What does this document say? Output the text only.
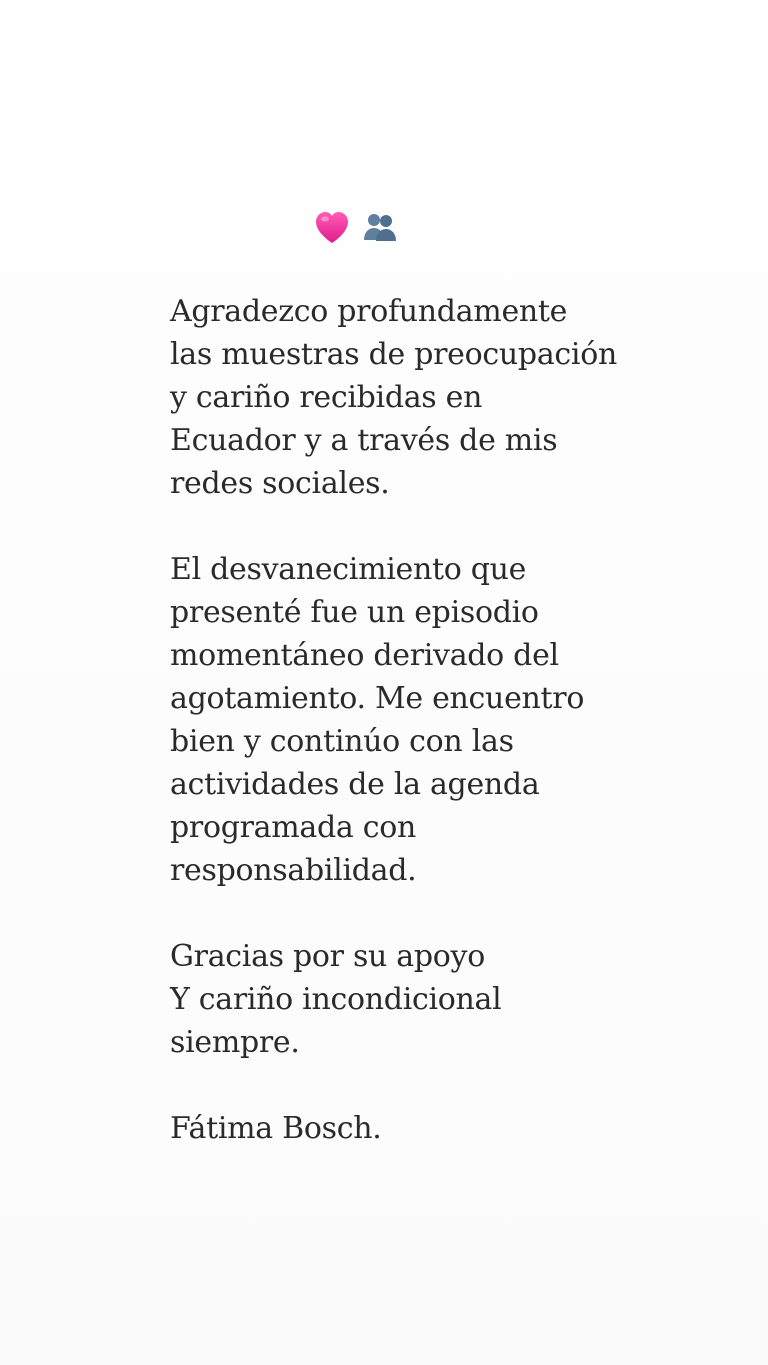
Agradezco profundamente
las muestras de preocupación
y cariño recibidas en
Ecuador y a través de mis
redes sociales.

El desvanecimiento que
presenté fue un episodio
momentáneo derivado del
agotamiento. Me encuentro
bien y continúo con las
actividades de la agenda
programada con
responsabilidad.

Gracias por su apoyo
Y cariño incondicional
siempre.

Fátima Bosch.
